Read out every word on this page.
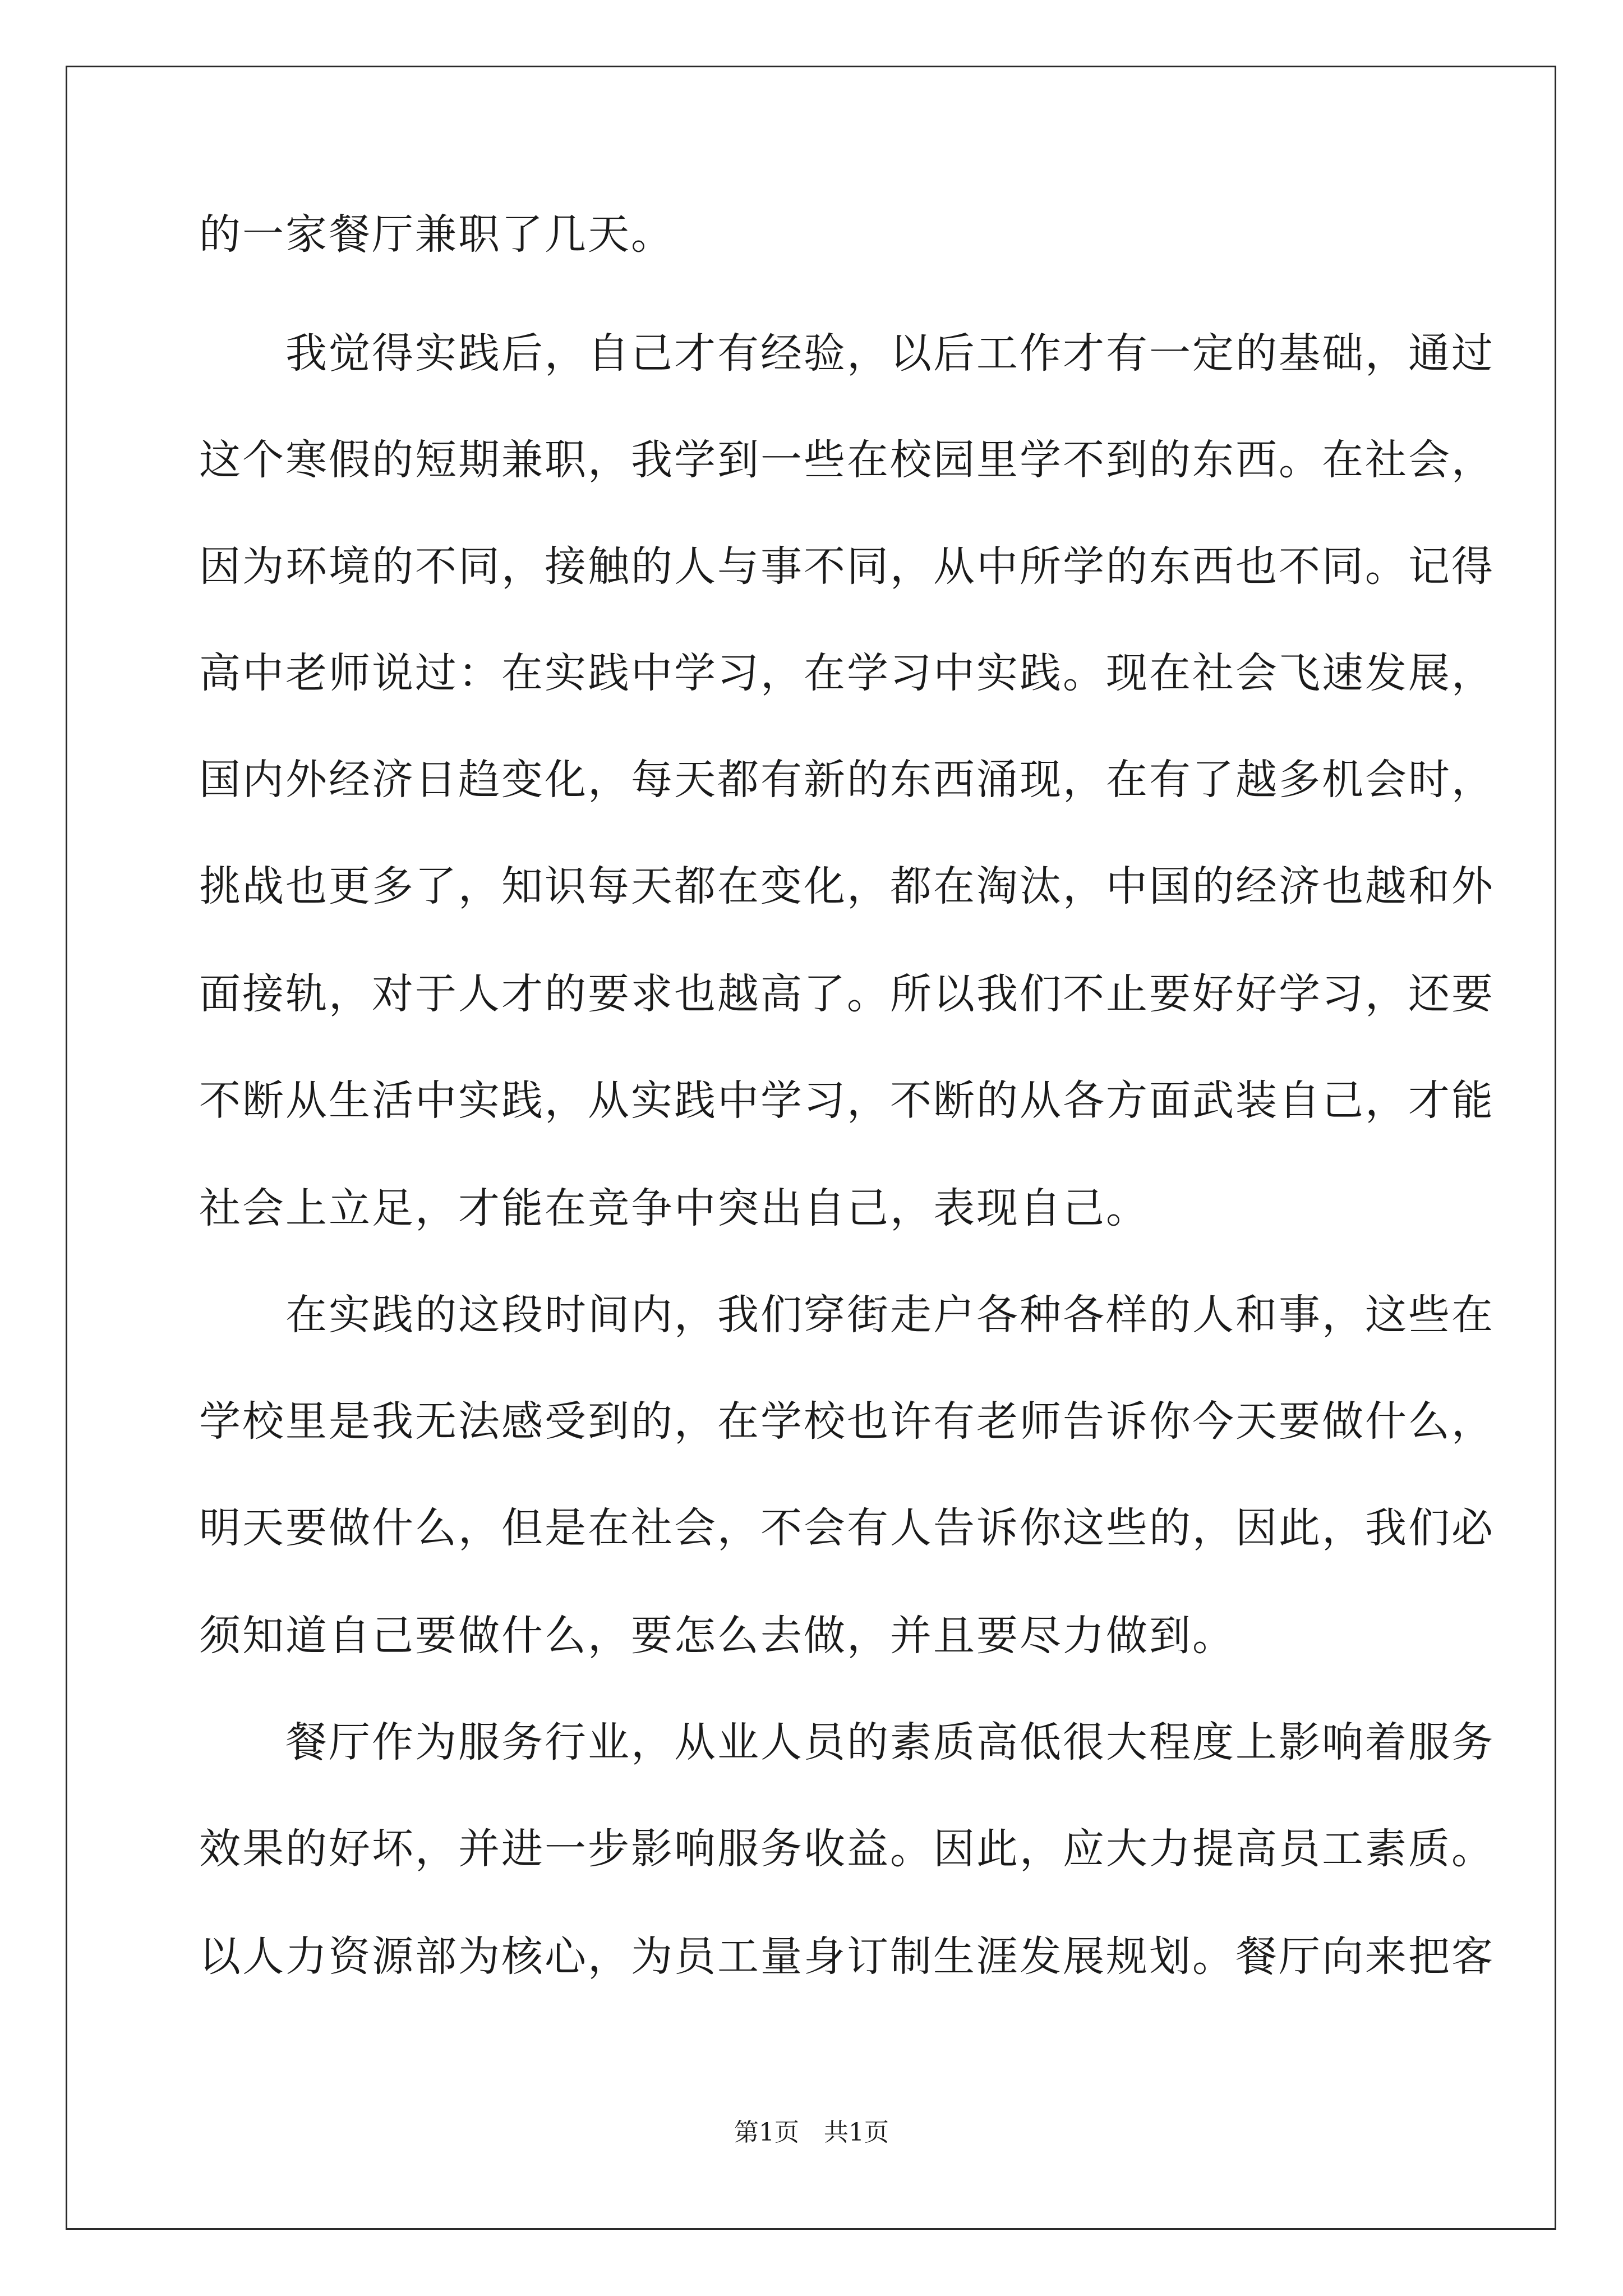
的一家餐厅兼职了几天。
　　我觉得实践后，自己才有经验，以后工作才有一定的基础，通过
这个寒假的短期兼职，我学到一些在校园里学不到的东西。在社会，
因为环境的不同，接触的人与事不同，从中所学的东西也不同。记得
高中老师说过：在实践中学习，在学习中实践。现在社会飞速发展，
国内外经济日趋变化，每天都有新的东西涌现，在有了越多机会时，
挑战也更多了，知识每天都在变化，都在淘汰，中国的经济也越和外
面接轨，对于人才的要求也越高了。所以我们不止要好好学习，还要
不断从生活中实践，从实践中学习，不断的从各方面武装自己，才能
社会上立足，才能在竞争中突出自己，表现自己。
　　在实践的这段时间内，我们穿街走户各种各样的人和事，这些在
学校里是我无法感受到的，在学校也许有老师告诉你今天要做什么，
明天要做什么，但是在社会，不会有人告诉你这些的，因此，我们必
须知道自己要做什么，要怎么去做，并且要尽力做到。
　　餐厅作为服务行业，从业人员的素质高低很大程度上影响着服务
效果的好坏，并进一步影响服务收益。因此，应大力提高员工素质。
以人力资源部为核心，为员工量身订制生涯发展规划。餐厅向来把客
第1页　共1页
